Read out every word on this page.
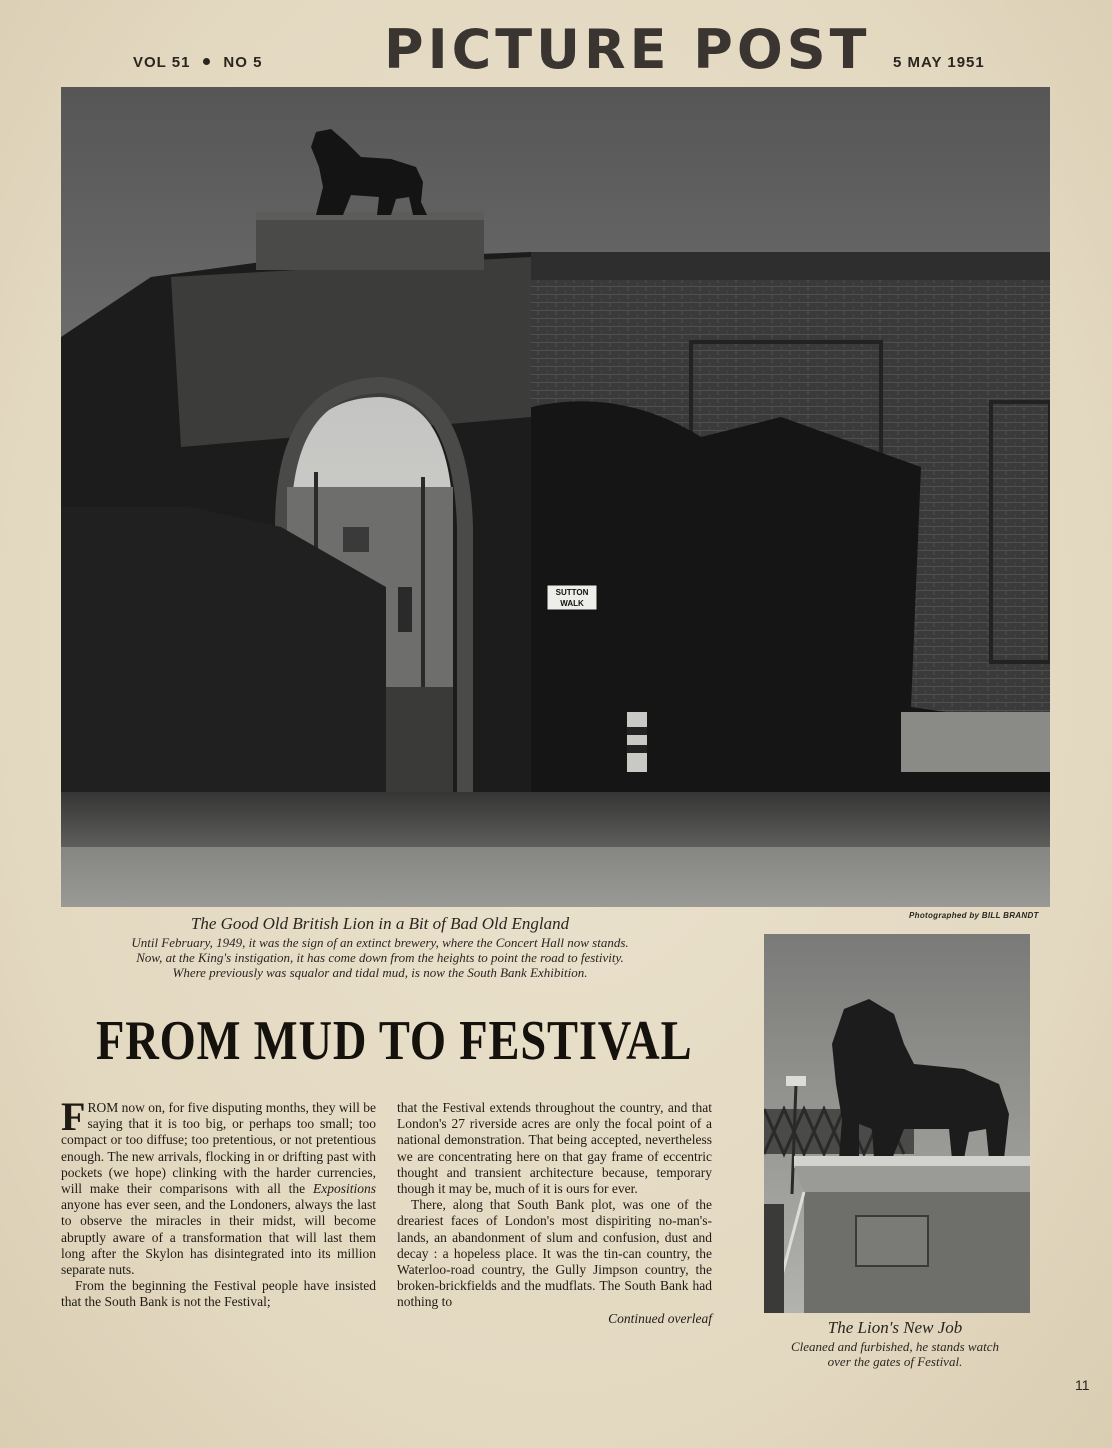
VOL 51 NO 5 PICTURE POST 5 MAY 1951
SUTTON
WALK
Photographed by BILL BRANDT
The Good Old British Lion in a Bit of Bad Old England
Until February, 1949, it was the sign of an extinct brewery, where the Concert Hall now stands.
Now, at the King's instigation, it has come down from the heights to point the road to festivity.
Where previously was squalor and tidal mud, is now the South Bank Exhibition.
FROM MUD TO FESTIVAL

FROM now on, for five disputing months, they will be saying that it is too big, or perhaps too small; too compact or too diffuse; too pretentious, or not pretentious enough. The new arrivals, flocking in or drifting past with pockets (we hope) clinking with the harder currencies, will make their comparisons with all the Expositions anyone has ever seen, and the Londoners, always the last to observe the miracles in their midst, will become abruptly aware of a transformation that will last them long after the Skylon has disintegrated into its million separate nuts.

From the beginning the Festival people have insisted that the South Bank is not the Festival;

that the Festival extends throughout the country, and that London's 27 riverside acres are only the focal point of a national demonstration. That being accepted, nevertheless we are concentrating here on that gay frame of eccentric thought and transient architecture because, temporary though it may be, much of it is ours for ever.

There, along that South Bank plot, was one of the dreariest faces of London's most dispiriting no-man's-lands, an abandonment of slum and confusion, dust and decay : a hopeless place. It was the tin-can country, the Waterloo-road country, the Gully Jimpson country, the broken-brickfields and the mudflats. The South Bank had nothing to

Continued overleaf	The Lion's New Job
Cleaned and furbished, he stands watch
over the gates of Festival.
11
